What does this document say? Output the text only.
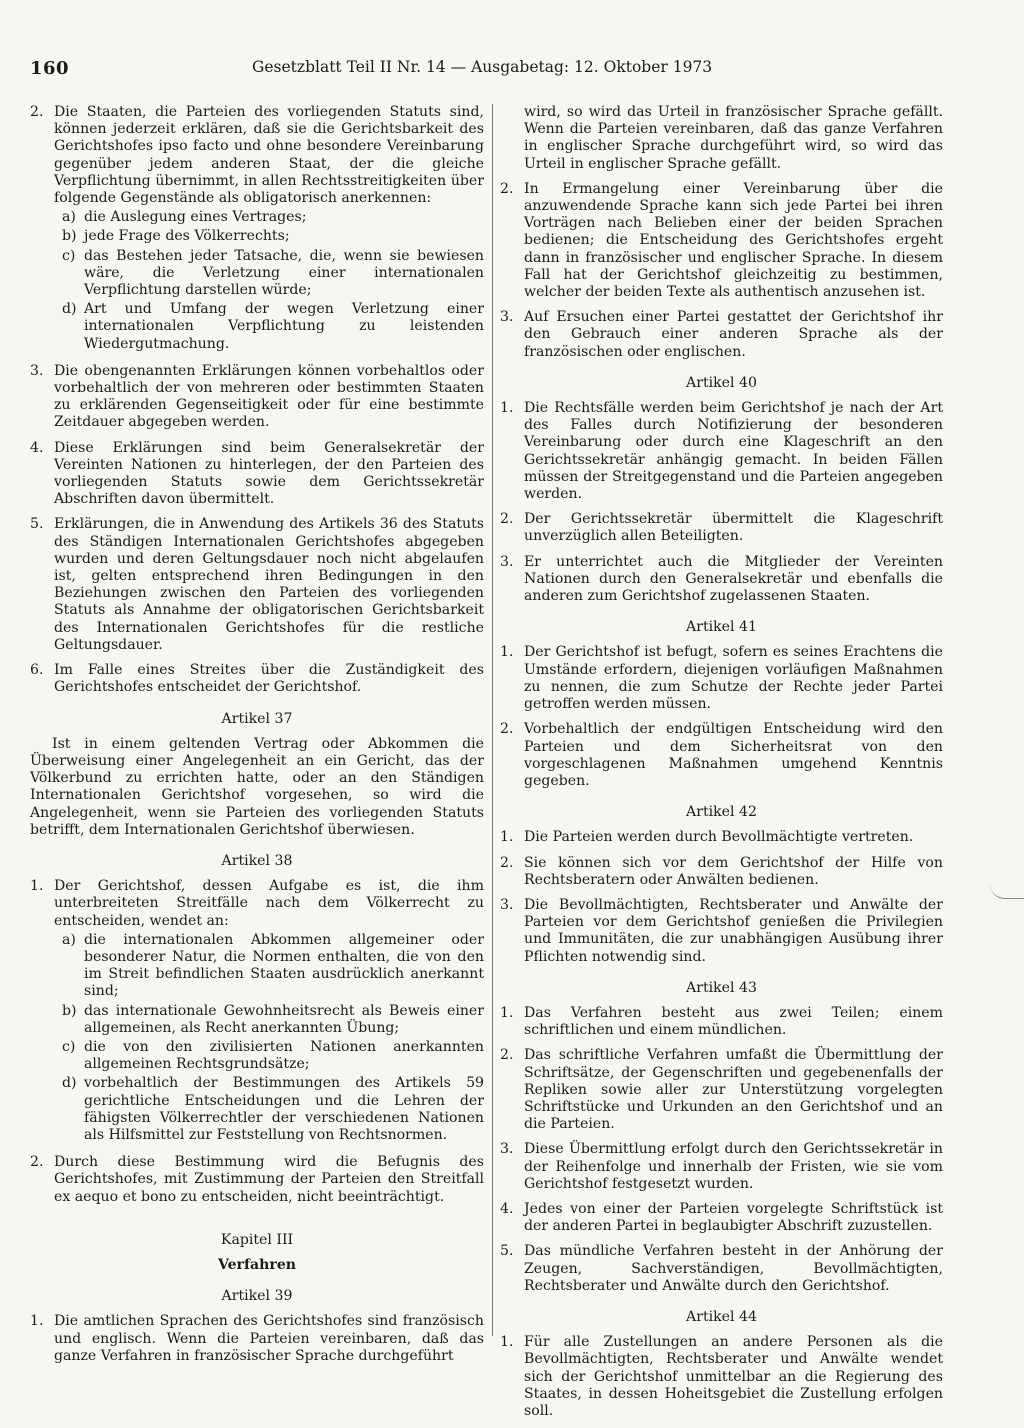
160	Gesetzblatt Teil II Nr. 14 — Ausgabetag: 12. Oktober 1973
2. Die Staaten, die Parteien des vorliegenden Statuts sind, können jederzeit erklären, daß sie die Gerichtsbarkeit des Gerichtshofes ipso facto und ohne besondere Vereinbarung gegenüber jedem anderen Staat, der die gleiche Verpflichtung übernimmt, in allen Rechtsstreitigkeiten über folgende Gegenstände als obligatorisch anerkennen:
a) die Auslegung eines Vertrages;
b) jede Frage des Völkerrechts;
c) das Bestehen jeder Tatsache, die, wenn sie bewiesen wäre, die Verletzung einer internationalen Verpflichtung darstellen würde;
d) Art und Umfang der wegen Verletzung einer internationalen Verpflichtung zu leistenden Wiedergutmachung.
3. Die obengenannten Erklärungen können vorbehaltlos oder vorbehaltlich der von mehreren oder bestimmten Staaten zu erklärenden Gegenseitigkeit oder für eine bestimmte Zeitdauer abgegeben werden.
4. Diese Erklärungen sind beim Generalsekretär der Vereinten Nationen zu hinterlegen, der den Parteien des vorliegenden Statuts sowie dem Gerichtssekretär Abschriften davon übermittelt.
5. Erklärungen, die in Anwendung des Artikels 36 des Statuts des Ständigen Internationalen Gerichtshofes abgegeben wurden und deren Geltungsdauer noch nicht abgelaufen ist, gelten entsprechend ihren Bedingungen in den Beziehungen zwischen den Parteien des vorliegenden Statuts als Annahme der obligatorischen Gerichtsbarkeit des Internationalen Gerichtshofes für die restliche Geltungsdauer.
6. Im Falle eines Streites über die Zuständigkeit des Gerichtshofes entscheidet der Gerichtshof.
Artikel 37
Ist in einem geltenden Vertrag oder Abkommen die Überweisung einer Angelegenheit an ein Gericht, das der Völkerbund zu errichten hatte, oder an den Ständigen Internationalen Gerichtshof vorgesehen, so wird die Angelegenheit, wenn sie Parteien des vorliegenden Statuts betrifft, dem Internationalen Gerichtshof überwiesen.
Artikel 38
1. Der Gerichtshof, dessen Aufgabe es ist, die ihm unterbreiteten Streitfälle nach dem Völkerrecht zu entscheiden, wendet an:
a) die internationalen Abkommen allgemeiner oder besonderer Natur, die Normen enthalten, die von den im Streit befindlichen Staaten ausdrücklich anerkannt sind;
b) das internationale Gewohnheitsrecht als Beweis einer allgemeinen, als Recht anerkannten Übung;
c) die von den zivilisierten Nationen anerkannten allgemeinen Rechtsgrundsätze;
d) vorbehaltlich der Bestimmungen des Artikels 59 gerichtliche Entscheidungen und die Lehren der fähigsten Völkerrechtler der verschiedenen Nationen als Hilfsmittel zur Feststellung von Rechtsnormen.
2. Durch diese Bestimmung wird die Befugnis des Gerichtshofes, mit Zustimmung der Parteien den Streitfall ex aequo et bono zu entscheiden, nicht beeinträchtigt.
Kapitel III
Verfahren
Artikel 39
1. Die amtlichen Sprachen des Gerichtshofes sind französisch und englisch. Wenn die Parteien vereinbaren, daß das ganze Verfahren in französischer Sprache durchgeführt
wird, so wird das Urteil in französischer Sprache gefällt. Wenn die Parteien vereinbaren, daß das ganze Verfahren in englischer Sprache durchgeführt wird, so wird das Urteil in englischer Sprache gefällt.
2. In Ermangelung einer Vereinbarung über die anzuwendende Sprache kann sich jede Partei bei ihren Vorträgen nach Belieben einer der beiden Sprachen bedienen; die Entscheidung des Gerichtshofes ergeht dann in französischer und englischer Sprache. In diesem Fall hat der Gerichtshof gleichzeitig zu bestimmen, welcher der beiden Texte als authentisch anzusehen ist.
3. Auf Ersuchen einer Partei gestattet der Gerichtshof ihr den Gebrauch einer anderen Sprache als der französischen oder englischen.
Artikel 40
1. Die Rechtsfälle werden beim Gerichtshof je nach der Art des Falles durch Notifizierung der besonderen Vereinbarung oder durch eine Klageschrift an den Gerichtssekretär anhängig gemacht. In beiden Fällen müssen der Streitgegenstand und die Parteien angegeben werden.
2. Der Gerichtssekretär übermittelt die Klageschrift unverzüglich allen Beteiligten.
3. Er unterrichtet auch die Mitglieder der Vereinten Nationen durch den Generalsekretär und ebenfalls die anderen zum Gerichtshof zugelassenen Staaten.
Artikel 41
1. Der Gerichtshof ist befugt, sofern es seines Erachtens die Umstände erfordern, diejenigen vorläufigen Maßnahmen zu nennen, die zum Schutze der Rechte jeder Partei getroffen werden müssen.
2. Vorbehaltlich der endgültigen Entscheidung wird den Parteien und dem Sicherheitsrat von den vorgeschlagenen Maßnahmen umgehend Kenntnis gegeben.
Artikel 42
1. Die Parteien werden durch Bevollmächtigte vertreten.
2. Sie können sich vor dem Gerichtshof der Hilfe von Rechtsberatern oder Anwälten bedienen.
3. Die Bevollmächtigten, Rechtsberater und Anwälte der Parteien vor dem Gerichtshof genießen die Privilegien und Immunitäten, die zur unabhängigen Ausübung ihrer Pflichten notwendig sind.
Artikel 43
1. Das Verfahren besteht aus zwei Teilen; einem schriftlichen und einem mündlichen.
2. Das schriftliche Verfahren umfaßt die Übermittlung der Schriftsätze, der Gegenschriften und gegebenenfalls der Repliken sowie aller zur Unterstützung vorgelegten Schriftstücke und Urkunden an den Gerichtshof und an die Parteien.
3. Diese Übermittlung erfolgt durch den Gerichtssekretär in der Reihenfolge und innerhalb der Fristen, wie sie vom Gerichtshof festgesetzt wurden.
4. Jedes von einer der Parteien vorgelegte Schriftstück ist der anderen Partei in beglaubigter Abschrift zuzustellen.
5. Das mündliche Verfahren besteht in der Anhörung der Zeugen, Sachverständigen, Bevollmächtigten, Rechtsberater und Anwälte durch den Gerichtshof.
Artikel 44
1. Für alle Zustellungen an andere Personen als die Bevollmächtigten, Rechtsberater und Anwälte wendet sich der Gerichtshof unmittelbar an die Regierung des Staates, in dessen Hoheitsgebiet die Zustellung erfolgen soll.
